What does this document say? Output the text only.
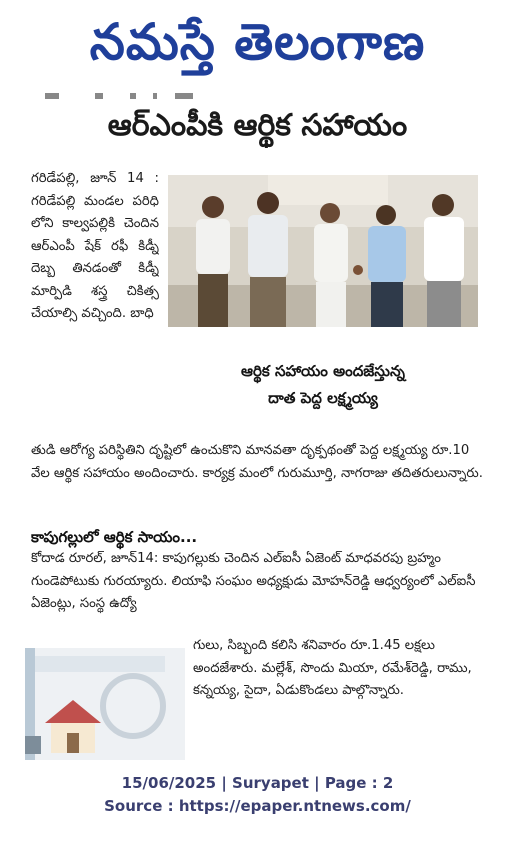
నమస్తే తెలంగాణ
ఆర్‌ఎంపీకి ఆర్థిక సహాయం
గరిడేపల్లి, జూన్ 14 : గరిడేపల్లి మండల పరిధి లోని కాల్వపల్లికి చెందిన ఆర్‌ఎంపీ షేక్ రఫీ కిడ్నీ దెబ్బ తినడంతో కిడ్నీ మార్పిడి శస్త్ర చికిత్స చేయాల్సి వచ్చింది. బాధి
ఆర్థిక సహాయం అందజేస్తున్న
దాత పెద్ద లక్ష్మయ్య
తుడి ఆరోగ్య పరిస్థితిని దృష్టిలో ఉంచుకొని మానవతా దృక్పథంతో పెద్ద లక్ష్మయ్య రూ.10 వేల ఆర్థిక సహాయం అందించారు. కార్యక్ర మంలో గురుమూర్తి, నాగరాజు తదితరులున్నారు.
కాపుగల్లులో ఆర్థిక సాయం...
కోదాడ రూరల్, జూన్14: కాపుగల్లుకు చెందిన ఎల్ఐసీ ఏజెంట్ మాధవరపు బ్రహ్మం గుండెపోటుకు గురయ్యారు. లియాఫి సంఘం అధ్యక్షుడు మోహన్‌రెడ్డి ఆధ్వర్యంలో ఎల్ఐసీ ఏజెంట్లు, సంస్థ ఉద్యో
గులు, సిబ్బంది కలిసి శనివారం రూ.1.45 లక్షలు అందజేశారు. మల్లేశ్, సొందు మియా, రమేశ్‌రెడ్డి, రాము, కన్నయ్య, సైదా, ఏడుకొండలు పాల్గొన్నారు.
15/06/2025 | Suryapet | Page : 2
Source : https://epaper.ntnews.com/
